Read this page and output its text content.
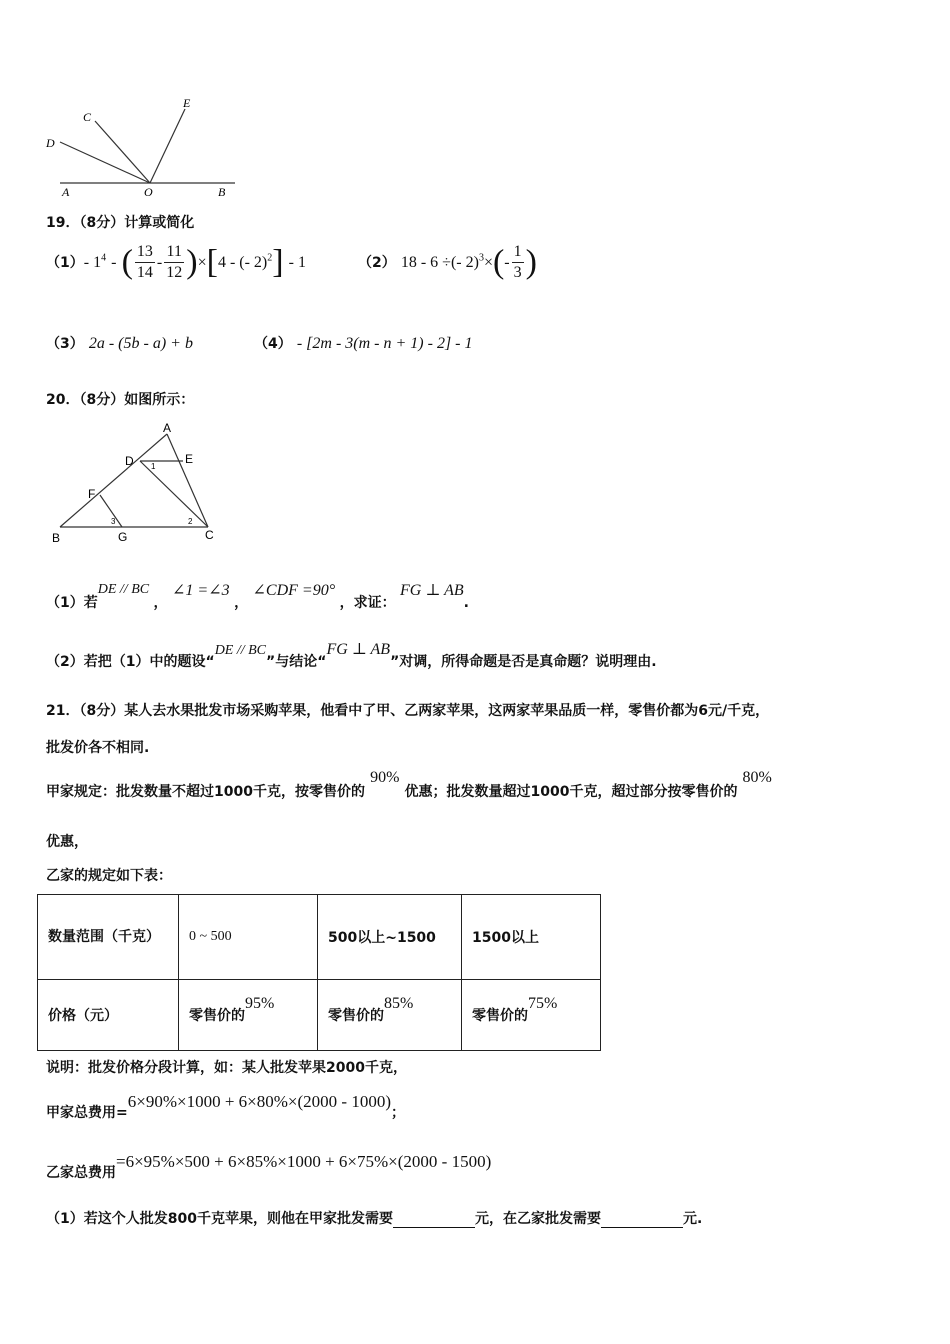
D
C
E
A	O	B
19．（8分）计算或简化
（1）- $1^4$ - ( $\frac{13}{14} - \frac{11}{12} )\times[4$ - (- 2)$^2$] - 1	（2） 18 - 6 ÷(- $2)^3\times(- \frac{1}{3}$ )
（3） 2a - (5b - a) + b	（4） - [2m - 3(m - n + 1) - 2] - 1
20．（8分）如图所示：
A
D	E
F
B	G	C
1
2
3
（1）若DE // BC ， ∠1 =∠3 ， ∠CDF =90° ，求证： FG ⊥ AB.
（2）若把（1）中的题设“DE // BC”与结论“FG ⊥ AB”对调，所得命题是否是真命题？说明理由.
21．（8分）某人去水果批发市场采购苹果，他看中了甲、乙两家苹果，这两家苹果品质一样，零售价都为6元/千克，
批发价各不相同.
甲家规定：批发数量不超过1000千克，按零售价的 90% 优惠；批发数量超过1000千克，超过部分按零售价的 80%
优惠，
乙家的规定如下表：
数量范围（千克）	0 ~ 500	500以上~1500	1500以上
价格（元）	零售价的95%	零售价的85%	零售价的75%
说明：批发价格分段计算，如：某人批发苹果2000千克，
甲家总费用=6×90%×1000 + 6×80%×(2000 - 1000)；
乙家总费用=6×95%×500 + 6×85%×1000 + 6×75%×(2000 - 1500)
（1）若这个人批发800千克苹果，则他在甲家批发需要	元，在乙家批发需要	元.
